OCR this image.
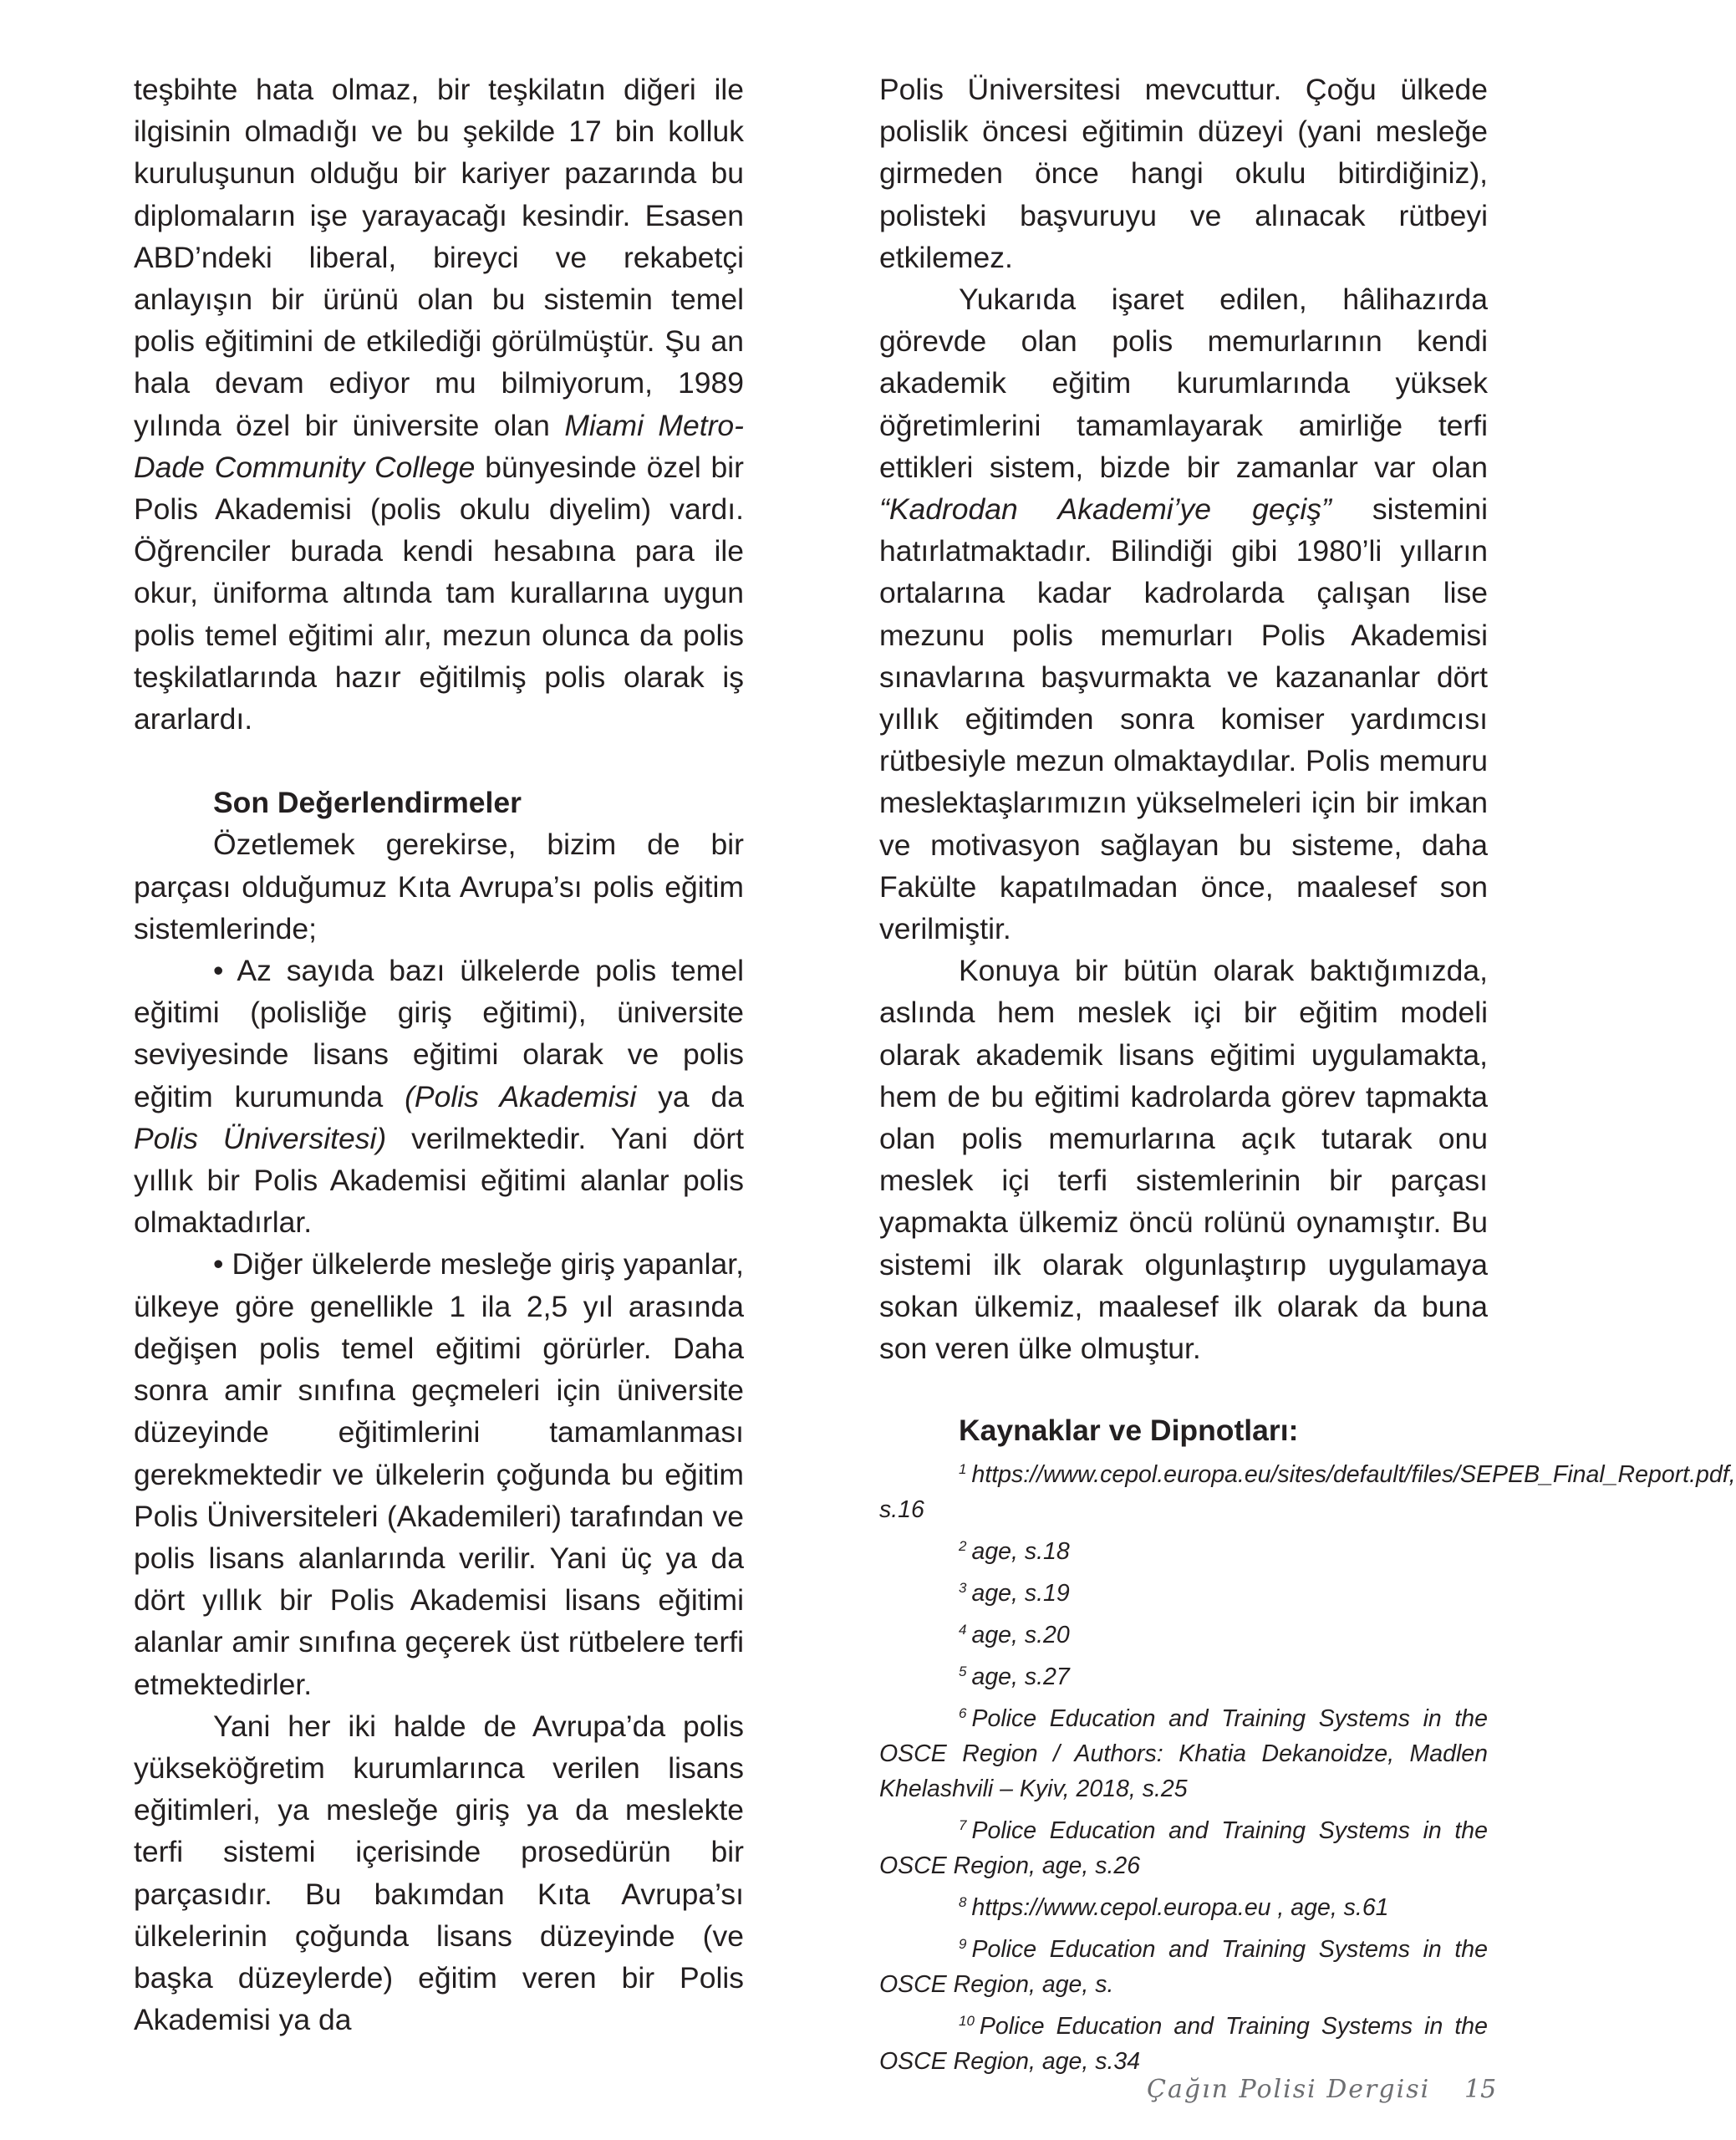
teşbihte hata olmaz, bir teşkilatın diğeri ile ilgisinin olmadığı ve bu şekilde 17 bin kolluk kuruluşunun olduğu bir kariyer pazarında bu diplomaların işe yarayacağı kesindir. Esasen ABD’ndeki liberal, bireyci ve rekabetçi anlayışın bir ürünü olan bu sistemin temel polis eğitimini de etkilediği görülmüştür. Şu an hala devam ediyor mu bilmiyorum, 1989 yılında özel bir üniversite olan Miami Metro-Dade Community College bünyesinde özel bir Polis Akademisi (polis okulu diyelim) vardı. Öğrenciler burada kendi hesabına para ile okur, üniforma altında tam kurallarına uygun polis temel eğitimi alır, mezun olunca da polis teşkilatlarında hazır eğitilmiş polis olarak iş ararlardı.

Son Değerlendirmeler

Özetlemek gerekirse, bizim de bir parçası olduğumuz Kıta Avrupa’sı polis eğitim sistemlerinde;

• Az sayıda bazı ülkelerde polis temel eğitimi (polisliğe giriş eğitimi), üniversite seviyesinde lisans eğitimi olarak ve polis eğitim kurumunda (Polis Akademisi ya da Polis Üniversitesi) verilmektedir. Yani dört yıllık bir Polis Akademisi eğitimi alanlar polis olmaktadırlar.

• Diğer ülkelerde mesleğe giriş yapanlar, ülkeye göre genellikle 1 ila 2,5 yıl arasında değişen polis temel eğitimi görürler. Daha sonra amir sınıfına geçmeleri için üniversite düzeyinde eğitimlerini tamamlanması gerekmektedir ve ülkelerin çoğunda bu eğitim Polis Üniversiteleri (Akademileri) tarafından ve polis lisans alanlarında verilir. Yani üç ya da dört yıllık bir Polis Akademisi lisans eğitimi alanlar amir sınıfına geçerek üst rütbelere terfi etmektedirler.

Yani her iki halde de Avrupa’da polis yükseköğretim kurumlarınca verilen lisans eğitimleri, ya mesleğe giriş ya da meslekte terfi sistemi içerisinde prosedürün bir parçasıdır. Bu bakımdan Kıta Avrupa’sı ülkelerinin çoğunda lisans düzeyinde (ve başka düzeylerde) eğitim veren bir Polis Akademisi ya da

Polis Üniversitesi mevcuttur. Çoğu ülkede polislik öncesi eğitimin düzeyi (yani mesleğe girmeden önce hangi okulu bitirdiğiniz), polisteki başvuruyu ve alınacak rütbeyi etkilemez.

Yukarıda işaret edilen, hâlihazırda görevde olan polis memurlarının kendi akademik eğitim kurumlarında yüksek öğretimlerini tamamlayarak amirliğe terfi ettikleri sistem, bizde bir zamanlar var olan “Kadrodan Akademi’ye geçiş” sistemini hatırlatmaktadır. Bilindiği gibi 1980’li yılların ortalarına kadar kadrolarda çalışan lise mezunu polis memurları Polis Akademisi sınavlarına başvurmakta ve kazananlar dört yıllık eğitimden sonra komiser yardımcısı rütbesiyle mezun olmaktaydılar. Polis memuru meslektaşlarımızın yükselmeleri için bir imkan ve motivasyon sağlayan bu sisteme, daha Fakülte kapatılmadan önce, maalesef son verilmiştir.

Konuya bir bütün olarak baktığımızda, aslında hem meslek içi bir eğitim modeli olarak akademik lisans eğitimi uygulamakta, hem de bu eğitimi kadrolarda görev tapmakta olan polis memurlarına açık tutarak onu meslek içi terfi sistemlerinin bir parçası yapmakta ülkemiz öncü rolünü oynamıştır. Bu sistemi ilk olarak olgunlaştırıp uygulamaya sokan ülkemiz, maalesef ilk olarak da buna son veren ülke olmuştur.

Kaynaklar ve Dipnotları:

$^1$ https://www.cepol.europa.eu/sites/default/files/SEPEB_Final_Report.pdf, s.16

$^2$ age, s.18

$^3$ age, s.19

$^4$ age, s.20

$^5$ age, s.27

$^6$ Police Education and Training Systems in the OSCE Region / Authors: Khatia Dekanoidze, Madlen Khelashvili – Kyiv, 2018, s.25

$^7$ Police Education and Training Systems in the OSCE Region, age, s.26

$^8$ https://www.cepol.europa.eu , age, s.61

$^9$ Police Education and Training Systems in the OSCE Region, age, s.

$^{10}$ Police Education and Training Systems in the OSCE Region, age, s.34

Çağın Polisi Dergisi 15
